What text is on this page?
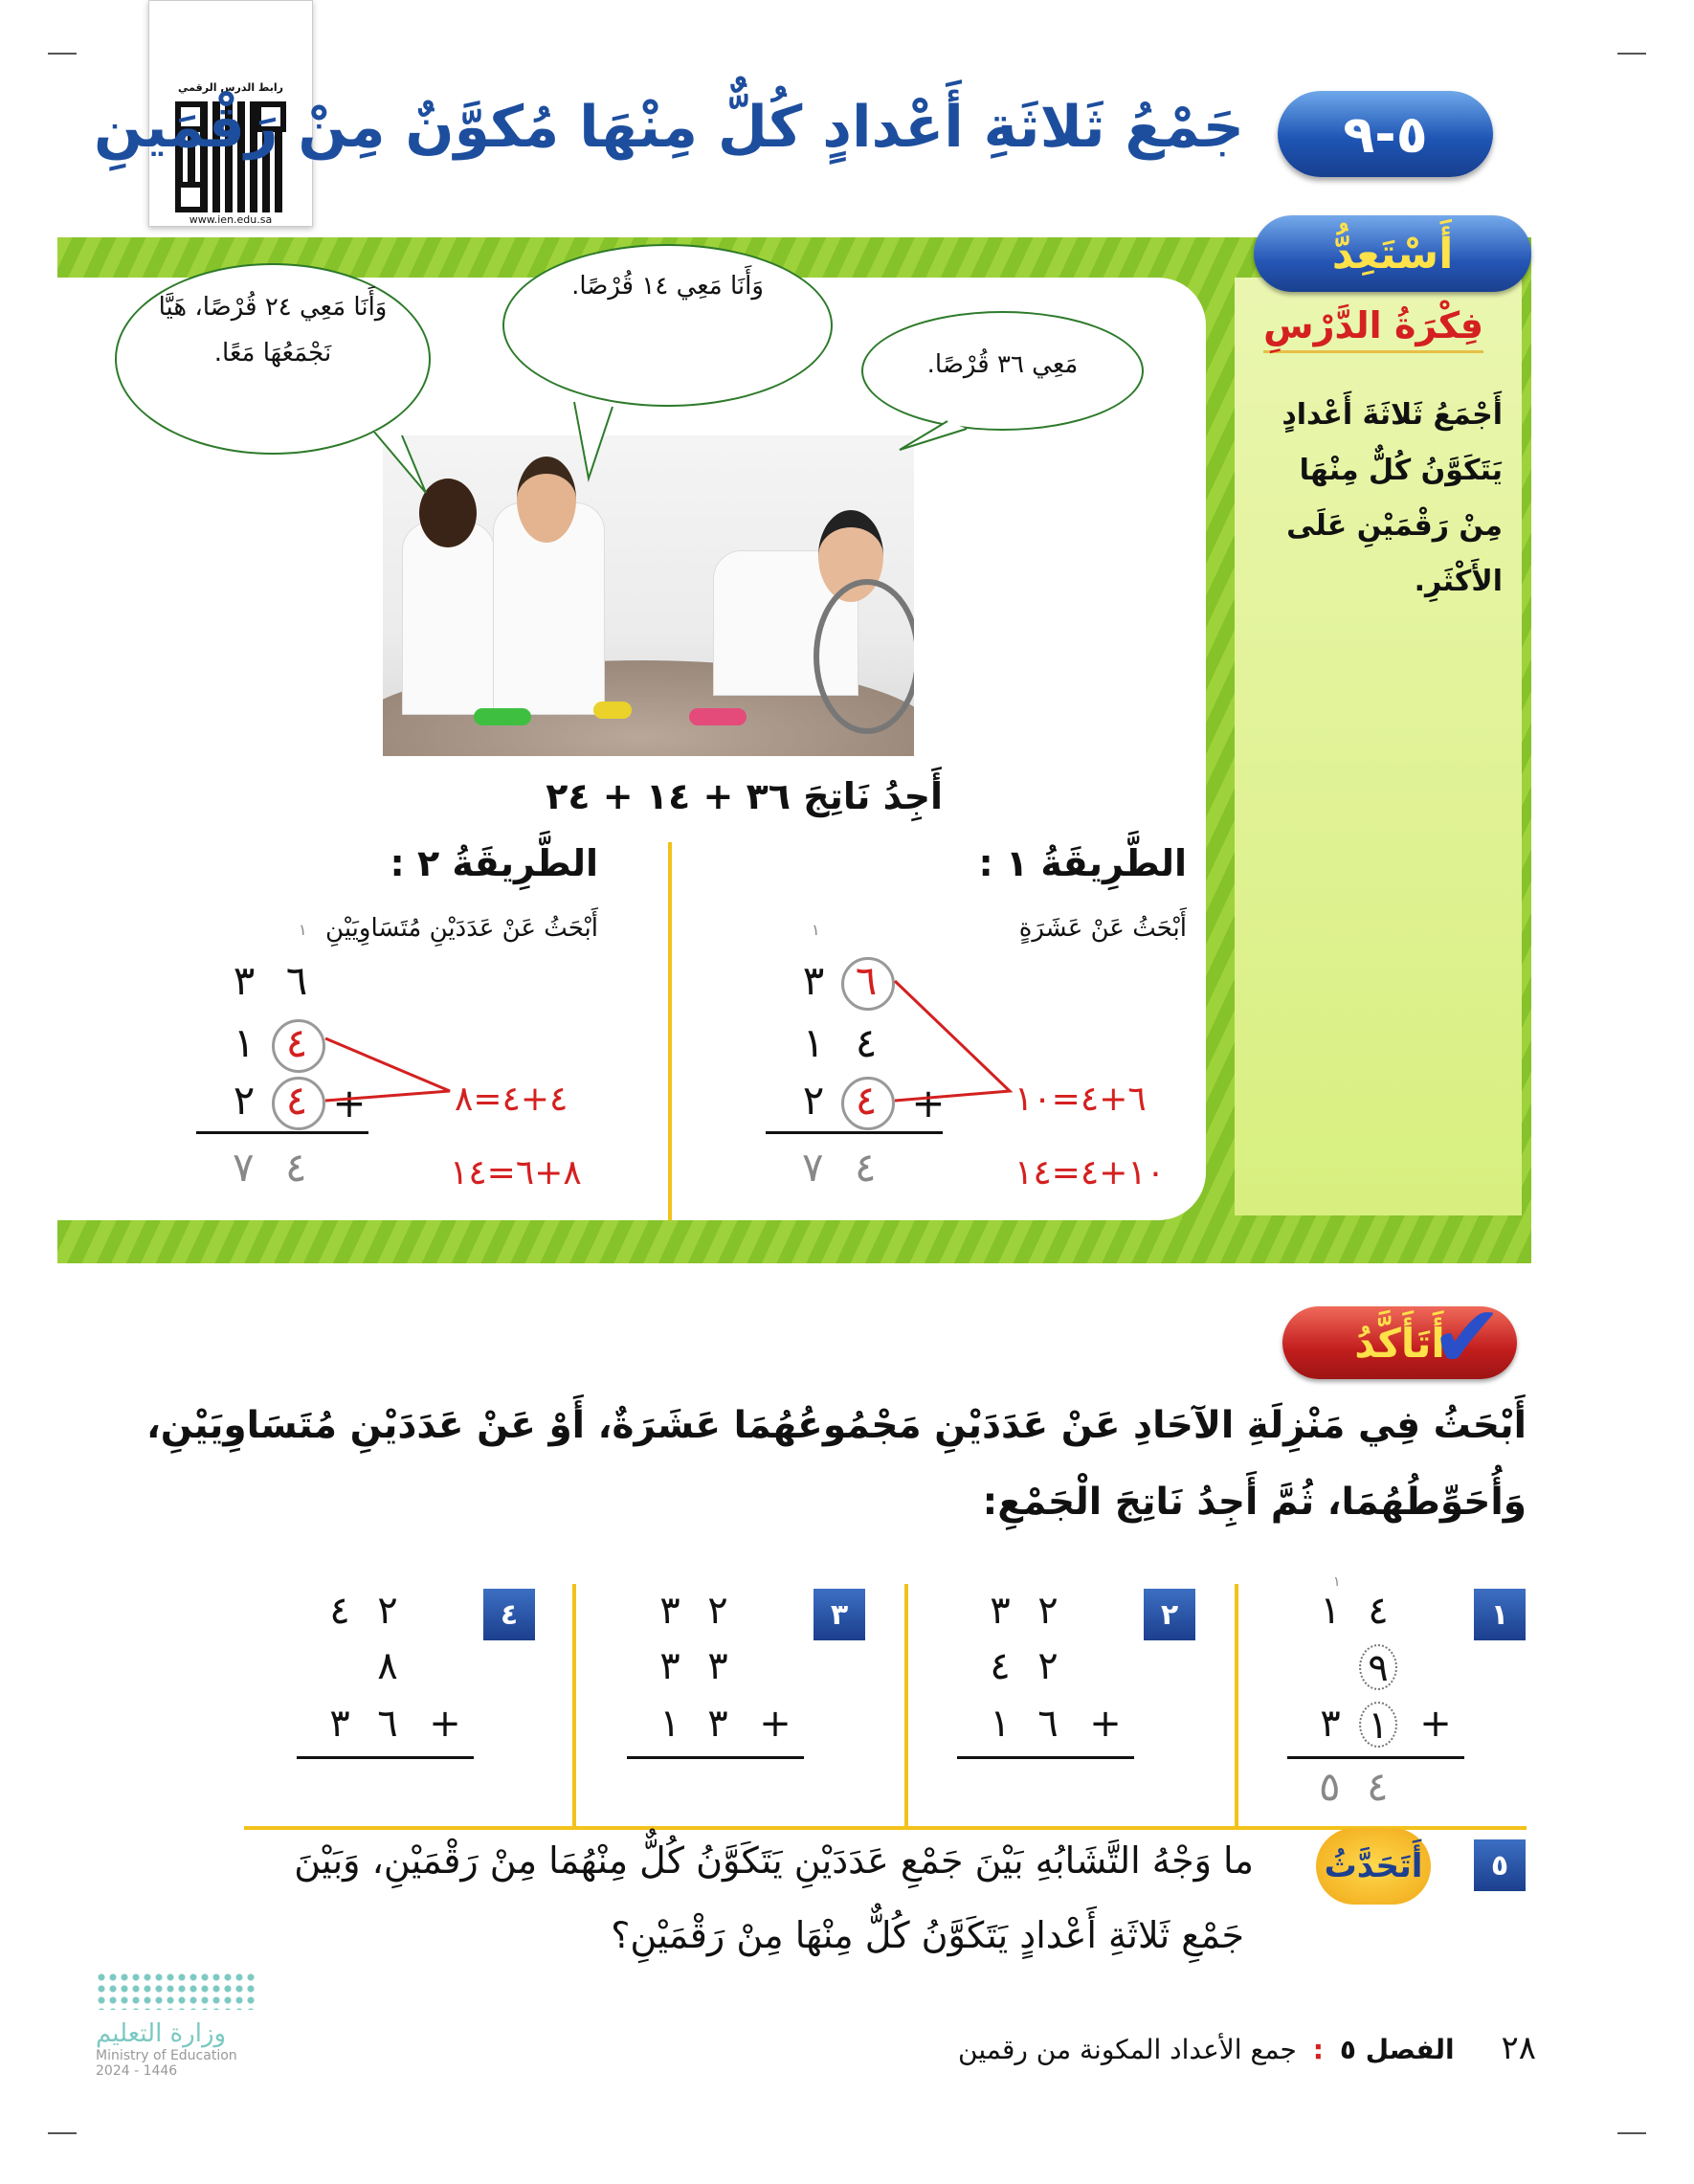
رابط الدرس الرقمي
www.ien.edu.sa
٥-٩
جَمْعُ ثَلاثَةِ أَعْدادٍ كُلٌّ مِنْهَا مُكوَّنٌ مِنْ رَقْمَينِ
أَسْتَعِدُّ
فِكْرَةُ الدَّرْسِ
أَجْمَعُ ثَلاثَةَ أَعْدادٍ يَتَكَوَّنُ كُلٌّ مِنْهَا مِنْ رَقْمَيْنِ عَلَى الأَكْثَرِ.
وَأَنَا مَعِي ٢٤ قُرْصًا، هَيَّا نَجْمَعُهَا مَعًا.
وَأَنَا مَعِي ١٤ قُرْصًا.
مَعِي ٣٦ قُرْصًا.
أَجِدُ نَاتِجَ ٣٦ + ١٤ + ٢٤
الطَّرِيقَةُ ١ :
أَبْحَثُ عَنْ عَشَرَةٍ
١
٣ ٦
١ ٤
٢ ٤ +
٧ ٤
٦+٤=١٠
١٠+٤=١٤
الطَّرِيقَةُ ٢ :
أَبْحَثُ عَنْ عَدَدَيْنِ مُتَسَاوِيَيْنِ
١
٣ ٦
١ ٤
٢ ٤ +
٧ ٤
٤+٤=٨
٨+٦=١٤
أَتَأَكَّدُ
✔
أَبْحَثُ فِي مَنْزِلَةِ الآحَادِ عَنْ عَدَدَيْنِ مَجْمُوعُهُمَا عَشَرَةٌ، أَوْ عَنْ عَدَدَيْنِ مُتَسَاوِيَيْنِ،
وَأُحَوِّطُهُمَا، ثُمَّ أَجِدُ نَاتِجَ الْجَمْعِ:
١
١
١ ٤
٩
٣ ١ +
٥ ٤
٢
٣ ٢
٤ ٢
١ ٦ +
٣
٣ ٢
٣ ٣
١ ٣ +
٤
٤ ٢
٨
٣ ٦ +
٥
أَتَحَدَّثُ
ما وَجْهُ التَّشَابُهِ بَيْنَ جَمْعِ عَدَدَيْنِ يَتَكَوَّنُ كُلٌّ مِنْهُمَا مِنْ رَقْمَيْنِ، وَبَيْنَ
جَمْعِ ثَلاثَةِ أَعْدادٍ يَتَكَوَّنُ كُلٌّ مِنْهَا مِنْ رَقْمَيْنِ؟
وزارة التعليم
Ministry of Education
2024 - 1446
٢٨ الفصل ٥ : جمع الأعداد المكونة من رقمين
